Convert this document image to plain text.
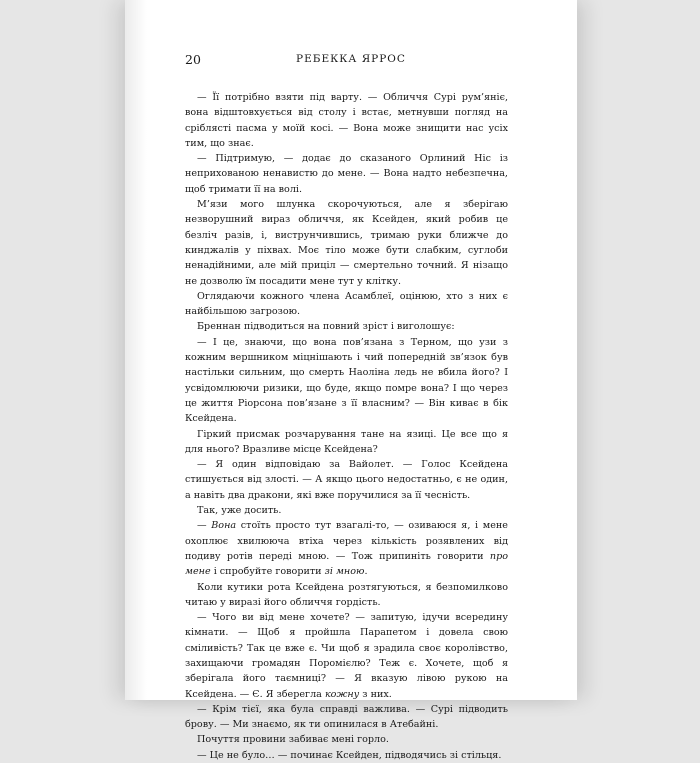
20	РЕБЕККА ЯРРОС

— Її потрібно взяти під варту. — Обличчя Сурі рум’яніє, вона відштовхується від столу і встає, метнувши погляд на сріблясті пасма у моїй косі. — Вона може знищити нас усіх тим, що знає.

— Підтримую, — додає до сказаного Орлиний Ніс із неприхованою ненавистю до мене. — Вона надто небезпечна, щоб тримати її на волі.

М’язи мого шлунка скорочуються, але я зберігаю незворушний вираз обличчя, як Ксейден, який робив це безліч разів, і, виструнчившись, тримаю руки ближче до кинджалів у піхвах. Моє тіло може бути слабким, суглоби ненадійними, але мій приціл — смертельно точний. Я нізащо не дозволю їм посадити мене тут у клітку.

Оглядаючи кожного члена Асамблеї, оцінюю, хто з них є найбільшою загрозою.

Бреннан підводиться на повний зріст і виголошує:

— І це, знаючи, що вона пов’язана з Терном, що узи з кожним вершником міцнішають і чий попередній зв’язок був настільки сильним, що смерть Наоліна ледь не вбила його? І усвідомлюючи ризики, що буде, якщо помре вона? І що через це життя Ріорсона пов’язане з її власним? — Він киває в бік Ксейдена.

Гіркий присмак розчарування тане на язиці. Це все що я для нього? Вразливе місце Ксейдена?

— Я один відповідаю за Вайолет. — Голос Ксейдена стишується від злості. — А якщо цього недостатньо, є не один, а навіть два дракони, які вже поручилися за її чесність.

Так, уже досить.

— Вона стоїть просто тут взагалі-то, — озиваюся я, і мене охоплює хвилююча втіха через кількість розявлених від подиву ротів переді мною. — Тож припиніть говорити про мене і спробуйте говорити зі мною.

Коли кутики рота Ксейдена розтягуються, я безпомилково читаю у виразі його обличчя гордість.

— Чого ви від мене хочете? — запитую, ідучи всередину кімнати. — Щоб я пройшла Парапетом і довела свою сміливість? Так це вже є. Чи щоб я зрадила своє королівство, захищаючи громадян Поромієлю? Теж є. Хочете, щоб я зберігала його таємниці? — Я вказую лівою рукою на Ксейдена. — Є. Я зберегла кожну з них.

— Крім тієї, яка була справді важлива. — Сурі підводить брову. — Ми знаємо, як ти опинилася в Атебайні.

Почуття провини забиває мені горло.

— Це не було… — починає Ксейден, підводячись зі стільця.
